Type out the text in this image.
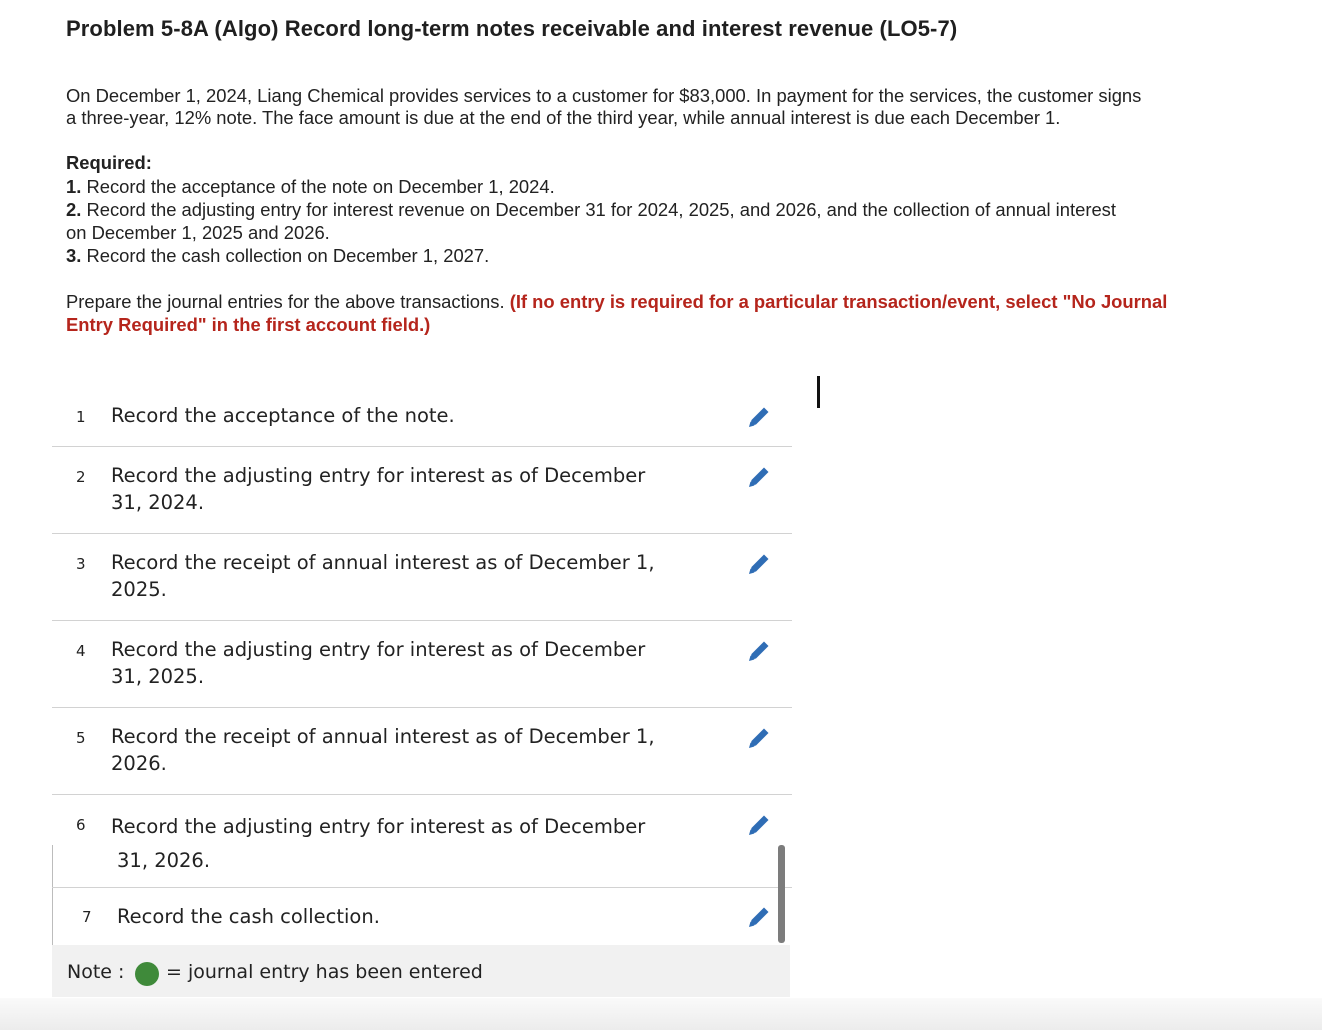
Problem 5-8A (Algo) Record long-term notes receivable and interest revenue (LO5-7)
On December 1, 2024, Liang Chemical provides services to a customer for $83,000. In payment for the services, the customer signs
a three-year, 12% note. The face amount is due at the end of the third year, while annual interest is due each December 1.
Required:
1. Record the acceptance of the note on December 1, 2024.
2. Record the adjusting entry for interest revenue on December 31 for 2024, 2025, and 2026, and the collection of annual interest
on December 1, 2025 and 2026.
3. Record the cash collection on December 1, 2027.
Prepare the journal entries for the above transactions. (If no entry is required for a particular transaction/event, select "No Journal
Entry Required" in the first account field.)
1 Record the acceptance of the note.
2 Record the adjusting entry for interest as of December
31, 2024.
3 Record the receipt of annual interest as of December 1,
2025.
4 Record the adjusting entry for interest as of December
31, 2025.
5 Record the receipt of annual interest as of December 1,
2026.
6 Record the adjusting entry for interest as of December
31, 2026.
7 Record the cash collection.
Note : = journal entry has been entered
